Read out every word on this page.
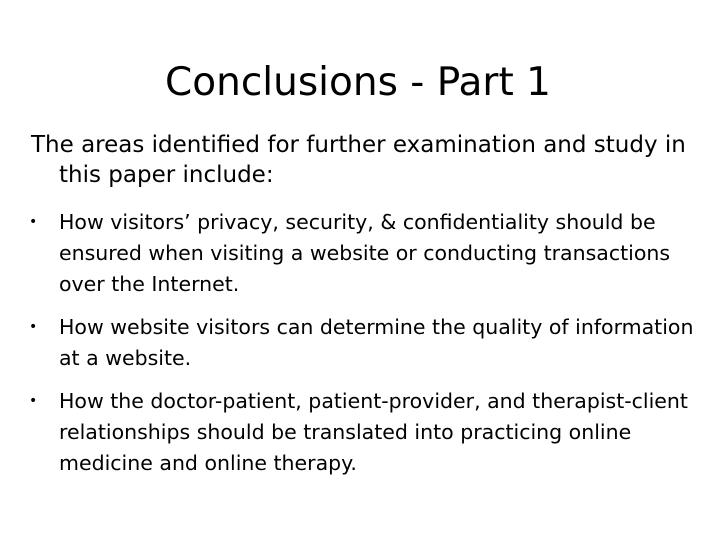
Conclusions - Part 1
The areas identified for further examination and study in this paper include:
•	How visitors’ privacy, security, & confidentiality should be ensured when visiting a website or conducting transactions over the Internet.
•	How website visitors can determine the quality of information at a website.
•	How the doctor-patient, patient-provider, and therapist-client relationships should be translated into practicing online medicine and online therapy.
